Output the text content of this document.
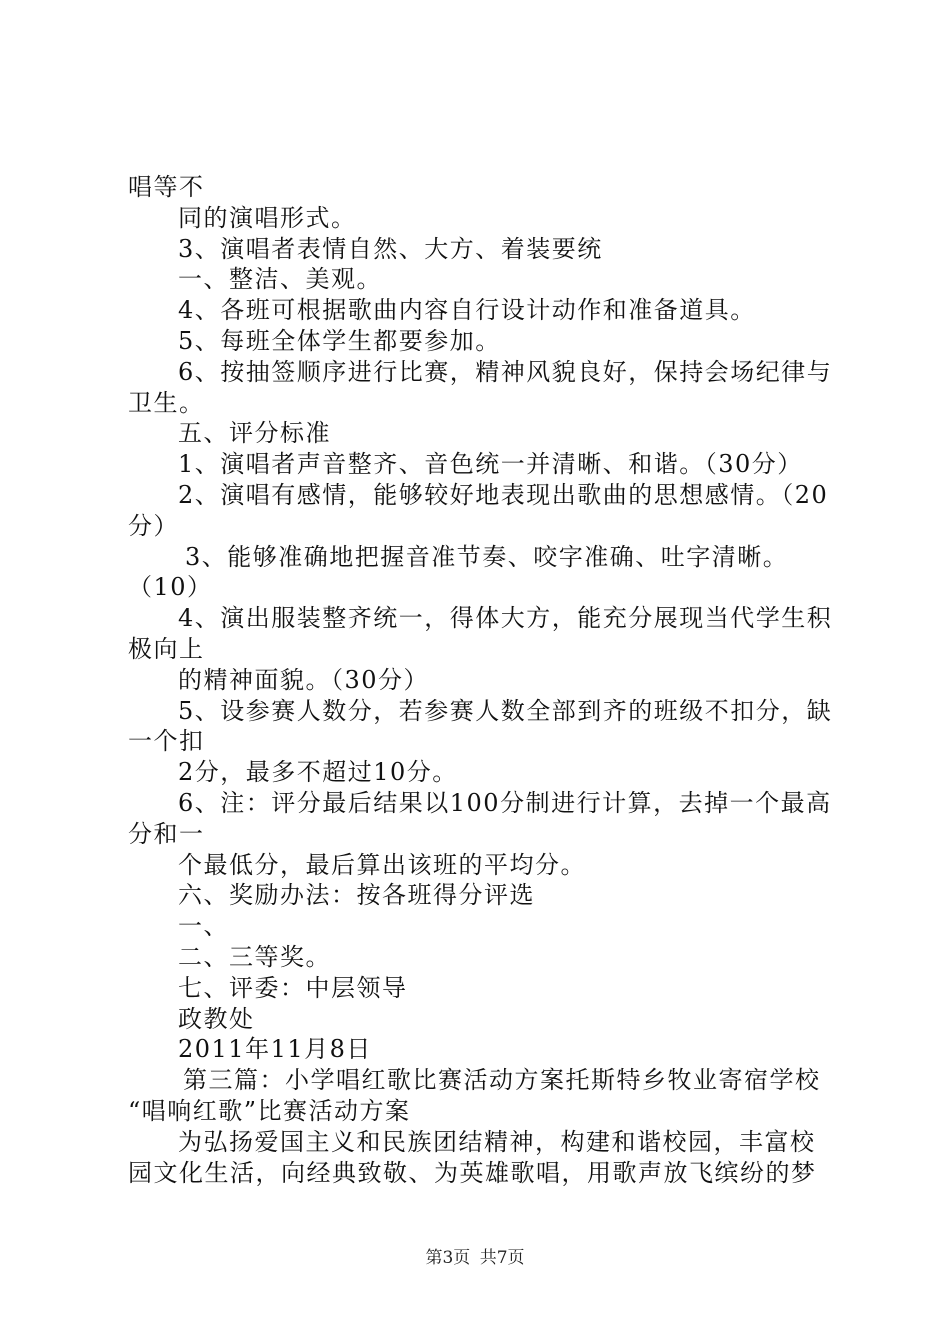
唱等不
同的演唱形式。
3、演唱者表情自然、大方、着装要统
一、整洁、美观。
4、各班可根据歌曲内容自行设计动作和准备道具。
5、每班全体学生都要参加。
6、按抽签顺序进行比赛，精神风貌良好，保持会场纪律与
卫生。
五、评分标准
1、演唱者声音整齐、音色统一并清晰、和谐。（30分）
2、演唱有感情，能够较好地表现出歌曲的思想感情。（20
分）
3、能够准确地把握音准节奏、咬字准确、吐字清晰。
（10）
4、演出服装整齐统一，得体大方，能充分展现当代学生积
极向上
的精神面貌。（30分）
5、设参赛人数分，若参赛人数全部到齐的班级不扣分，缺
一个扣
2分，最多不超过10分。
6、注：评分最后结果以100分制进行计算，去掉一个最高
分和一
个最低分，最后算出该班的平均分。
六、奖励办法：按各班得分评选
一、
二、三等奖。
七、评委：中层领导
政教处
2011年11月8日
第三篇：小学唱红歌比赛活动方案托斯特乡牧业寄宿学校
“唱响红歌”比赛活动方案
为弘扬爱国主义和民族团结精神，构建和谐校园，丰富校
园文化生活，向经典致敬、为英雄歌唱，用歌声放飞缤纷的梦
第3页 共7页
